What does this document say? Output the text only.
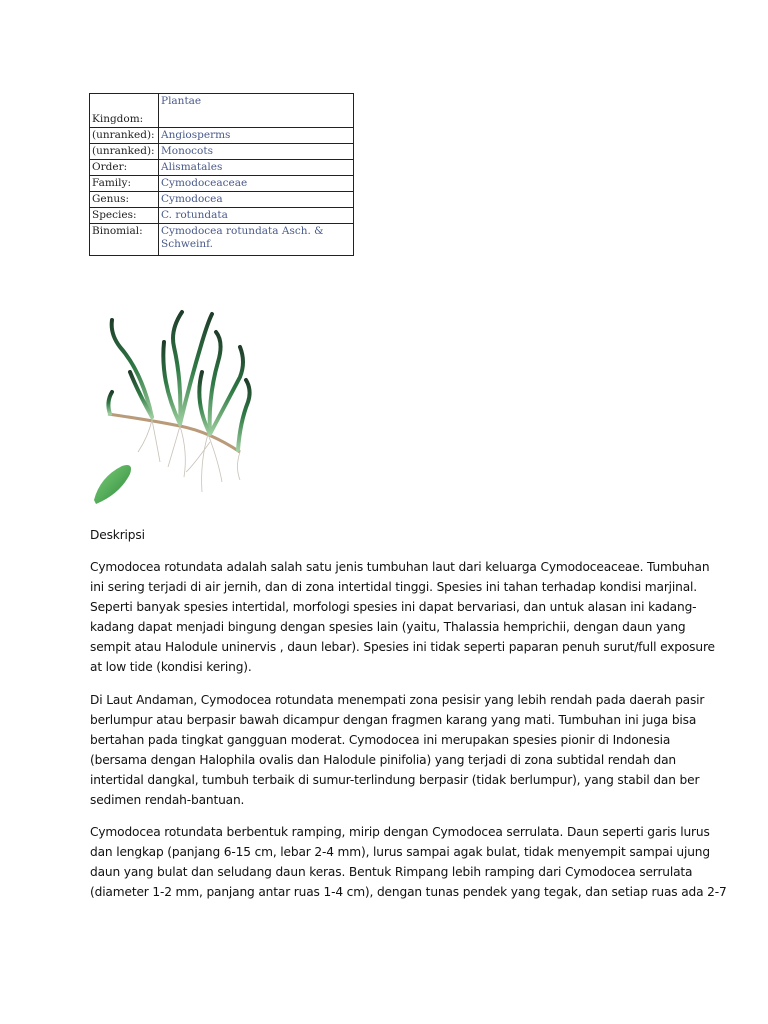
Kingdom:	Plantae
(unranked):	Angiosperms
(unranked):	Monocots
Order:	Alismatales
Family:	Cymodoceaceae
Genus:	Cymodocea
Species:	C. rotundata
Binomial:	Cymodocea rotundata Asch. &
Schweinf.
Deskripsi
Cymodocea rotundata adalah salah satu jenis tumbuhan laut dari keluarga Cymodoceaceae. Tumbuhan
ini sering terjadi di air jernih, dan di zona intertidal tinggi. Spesies ini tahan terhadap kondisi marjinal.
Seperti banyak spesies intertidal, morfologi spesies ini dapat bervariasi, dan untuk alasan ini kadang-
kadang dapat menjadi bingung dengan spesies lain (yaitu, Thalassia hemprichii, dengan daun yang
sempit atau Halodule uninervis , daun lebar). Spesies ini tidak seperti paparan penuh surut/full exposure
at low tide (kondisi kering).
Di Laut Andaman, Cymodocea rotundata menempati zona pesisir yang lebih rendah pada daerah pasir
berlumpur atau berpasir bawah dicampur dengan fragmen karang yang mati. Tumbuhan ini juga bisa
bertahan pada tingkat gangguan moderat. Cymodocea ini merupakan spesies pionir di Indonesia
(bersama dengan Halophila ovalis dan Halodule pinifolia) yang terjadi di zona subtidal rendah dan
intertidal dangkal, tumbuh terbaik di sumur-terlindung berpasir (tidak berlumpur), yang stabil dan ber
sedimen rendah-bantuan.
Cymodocea rotundata berbentuk ramping, mirip dengan Cymodocea serrulata. Daun seperti garis lurus
dan lengkap (panjang 6-15 cm, lebar 2-4 mm), lurus sampai agak bulat, tidak menyempit sampai ujung
daun yang bulat dan seludang daun keras. Bentuk Rimpang lebih ramping dari Cymodocea serrulata
(diameter 1-2 mm, panjang antar ruas 1-4 cm), dengan tunas pendek yang tegak, dan setiap ruas ada 2-7
